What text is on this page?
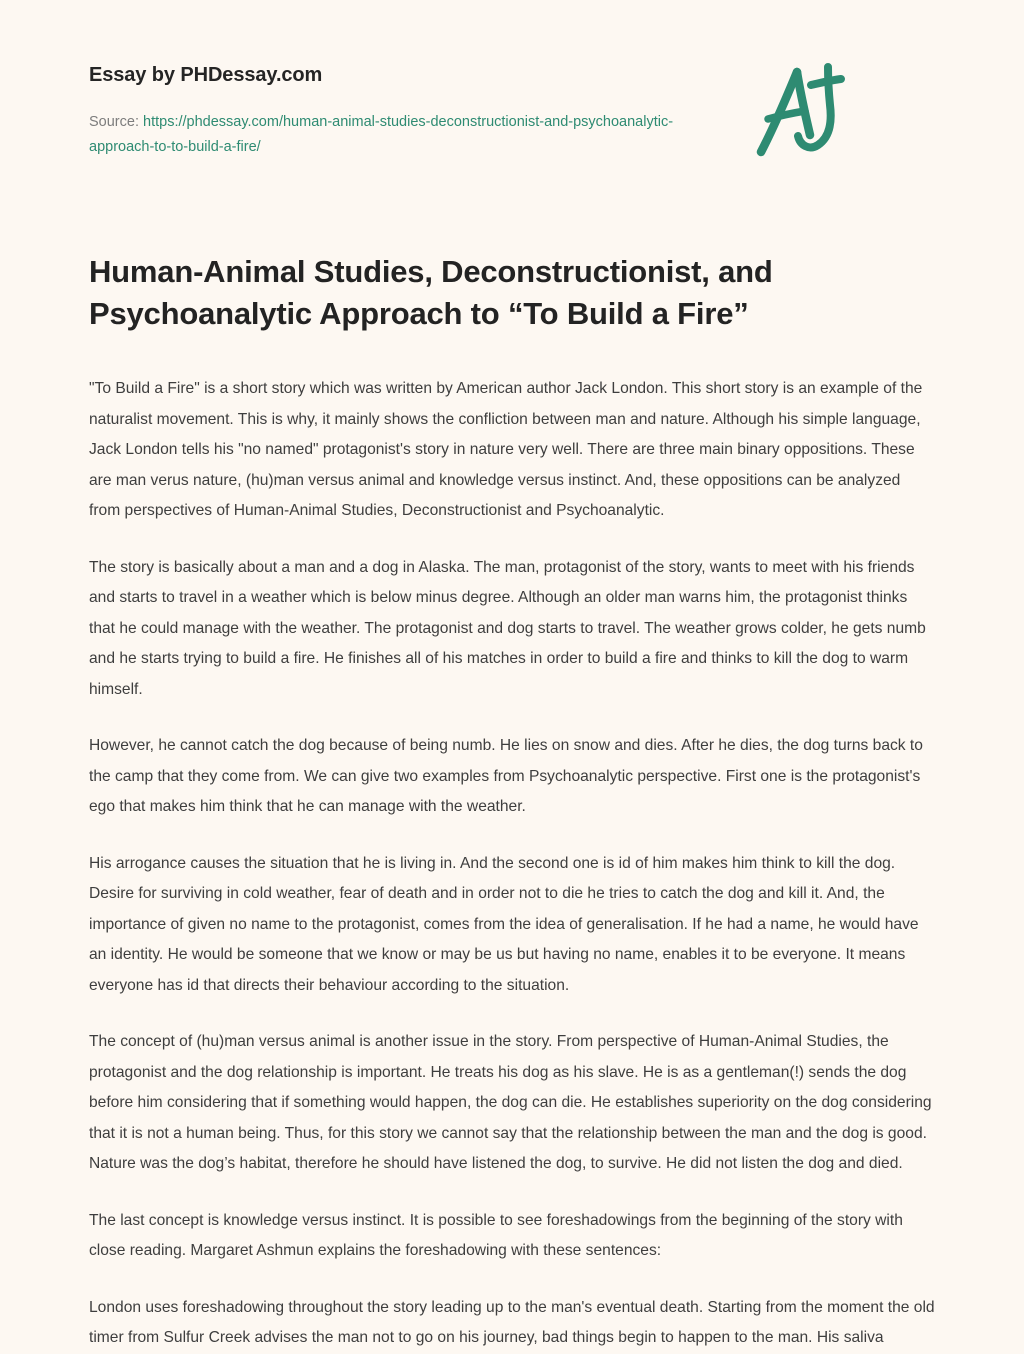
Essay by PHDessay.com
Source: https://phdessay.com/human-animal-studies-deconstructionist-and-psychoanalytic-approach-to-to-build-a-fire/
Human-Animal Studies, Deconstructionist, and Psychoanalytic Approach to “To Build a Fire”

"To Build a Fire" is a short story which was written by American author Jack London. This short story is an example of the naturalist movement. This is why, it mainly shows the confliction between man and nature. Although his simple language, Jack London tells his "no named" protagonist's story in nature very well. There are three main binary oppositions. These are man verus nature, (hu)man versus animal and knowledge versus instinct. And, these oppositions can be analyzed from perspectives of Human-Animal Studies, Deconstructionist and Psychoanalytic.

The story is basically about a man and a dog in Alaska. The man, protagonist of the story, wants to meet with his friends and starts to travel in a weather which is below minus degree. Although an older man warns him, the protagonist thinks that he could manage with the weather. The protagonist and dog starts to travel. The weather grows colder, he gets numb and he starts trying to build a fire. He finishes all of his matches in order to build a fire and thinks to kill the dog to warm himself.

However, he cannot catch the dog because of being numb. He lies on snow and dies. After he dies, the dog turns back to the camp that they come from. We can give two examples from Psychoanalytic perspective. First one is the protagonist's ego that makes him think that he can manage with the weather.

His arrogance causes the situation that he is living in. And the second one is id of him makes him think to kill the dog. Desire for surviving in cold weather, fear of death and in order not to die he tries to catch the dog and kill it. And, the importance of given no name to the protagonist, comes from the idea of generalisation. If he had a name, he would have an identity. He would be someone that we know or may be us but having no name, enables it to be everyone. It means everyone has id that directs their behaviour according to the situation.

The concept of (hu)man versus animal is another issue in the story. From perspective of Human-Animal Studies, the protagonist and the dog relationship is important. He treats his dog as his slave. He is as a gentleman(!) sends the dog before him considering that if something would happen, the dog can die. He establishes superiority on the dog considering that it is not a human being. Thus, for this story we cannot say that the relationship between the man and the dog is good. Nature was the dog’s habitat, therefore he should have listened the dog, to survive. He did not listen the dog and died.

The last concept is knowledge versus instinct. It is possible to see foreshadowings from the beginning of the story with close reading. Margaret Ashmun explains the foreshadowing with these sentences:

London uses foreshadowing throughout the story leading up to the man's eventual death. Starting from the moment the old timer from Sulfur Creek advises the man not to go on his journey, bad things begin to happen to the man. His saliva
